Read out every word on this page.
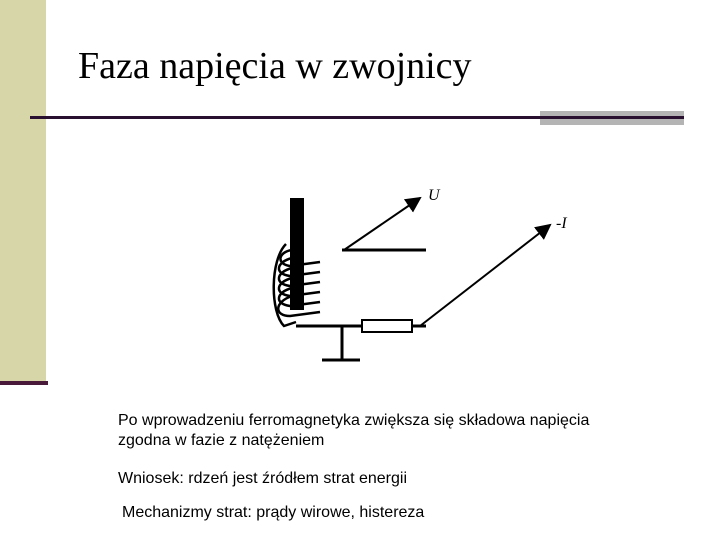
Faza napięcia w zwojnicy
U
-I
Po wprowadzeniu ferromagnetyka zwiększa się składowa napięcia zgodna w fazie z natężeniem
Wniosek: rdzeń jest źródłem strat energii
Mechanizmy strat: prądy wirowe, histereza
